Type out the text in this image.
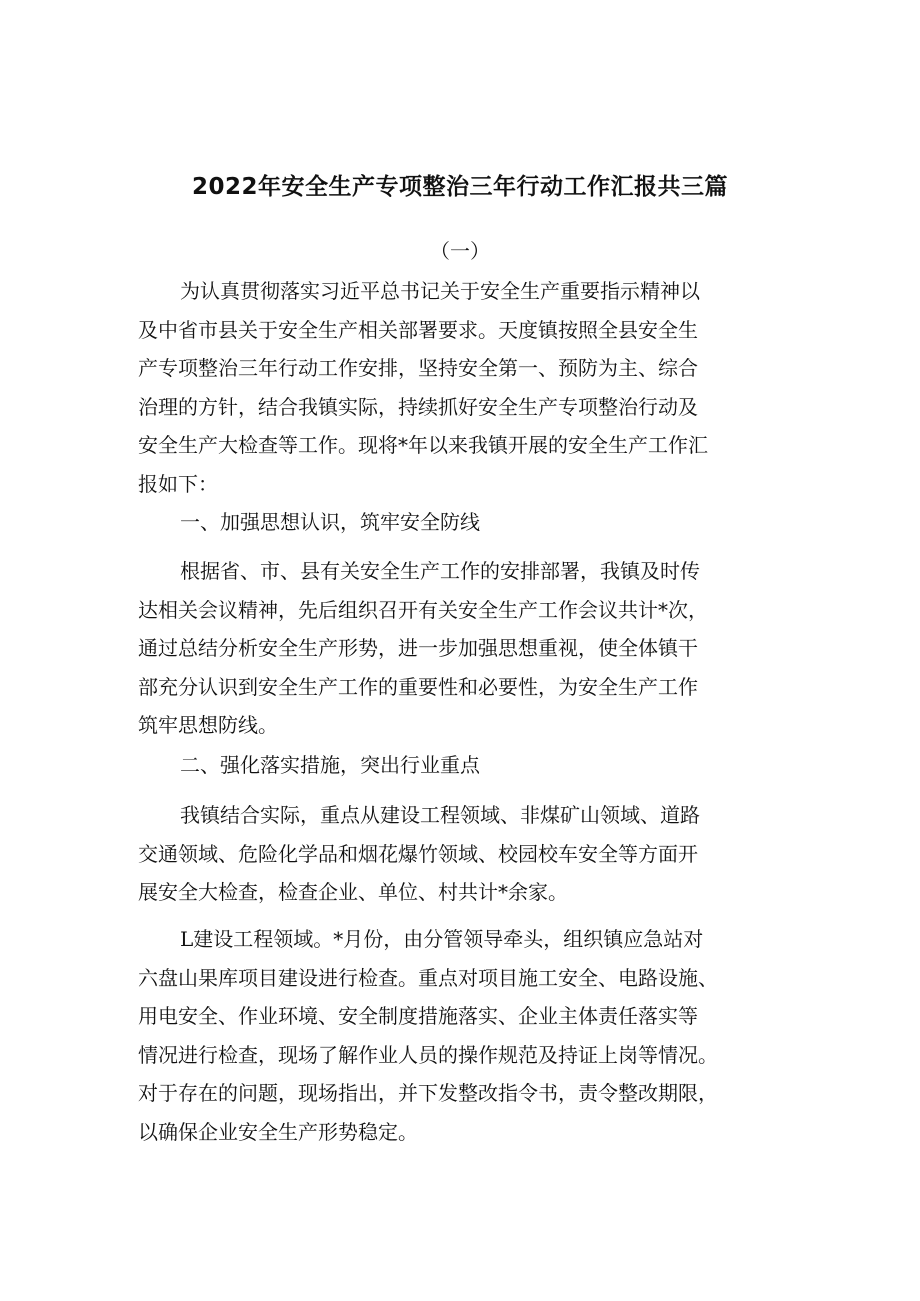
2022年安全生产专项整治三年行动工作汇报共三篇
（一）
为认真贯彻落实习近平总书记关于安全生产重要指示精神以
及中省市县关于安全生产相关部署要求。天度镇按照全县安全生
产专项整治三年行动工作安排，坚持安全第一、预防为主、综合
治理的方针，结合我镇实际，持续抓好安全生产专项整治行动及
安全生产大检查等工作。现将*年以来我镇开展的安全生产工作汇
报如下：
一、加强思想认识，筑牢安全防线
根据省、市、县有关安全生产工作的安排部署，我镇及时传
达相关会议精神，先后组织召开有关安全生产工作会议共计*次，
通过总结分析安全生产形势，进一步加强思想重视，使全体镇干
部充分认识到安全生产工作的重要性和必要性，为安全生产工作
筑牢思想防线。
二、强化落实措施，突出行业重点
我镇结合实际，重点从建设工程领域、非煤矿山领域、道路
交通领域、危险化学品和烟花爆竹领域、校园校车安全等方面开
展安全大检查，检查企业、单位、村共计*余家。
L建设工程领域。*月份，由分管领导牵头，组织镇应急站对
六盘山果库项目建设进行检查。重点对项目施工安全、电路设施、
用电安全、作业环境、安全制度措施落实、企业主体责任落实等
情况进行检查，现场了解作业人员的操作规范及持证上岗等情况。
对于存在的问题，现场指出，并下发整改指令书，责令整改期限，
以确保企业安全生产形势稳定。
